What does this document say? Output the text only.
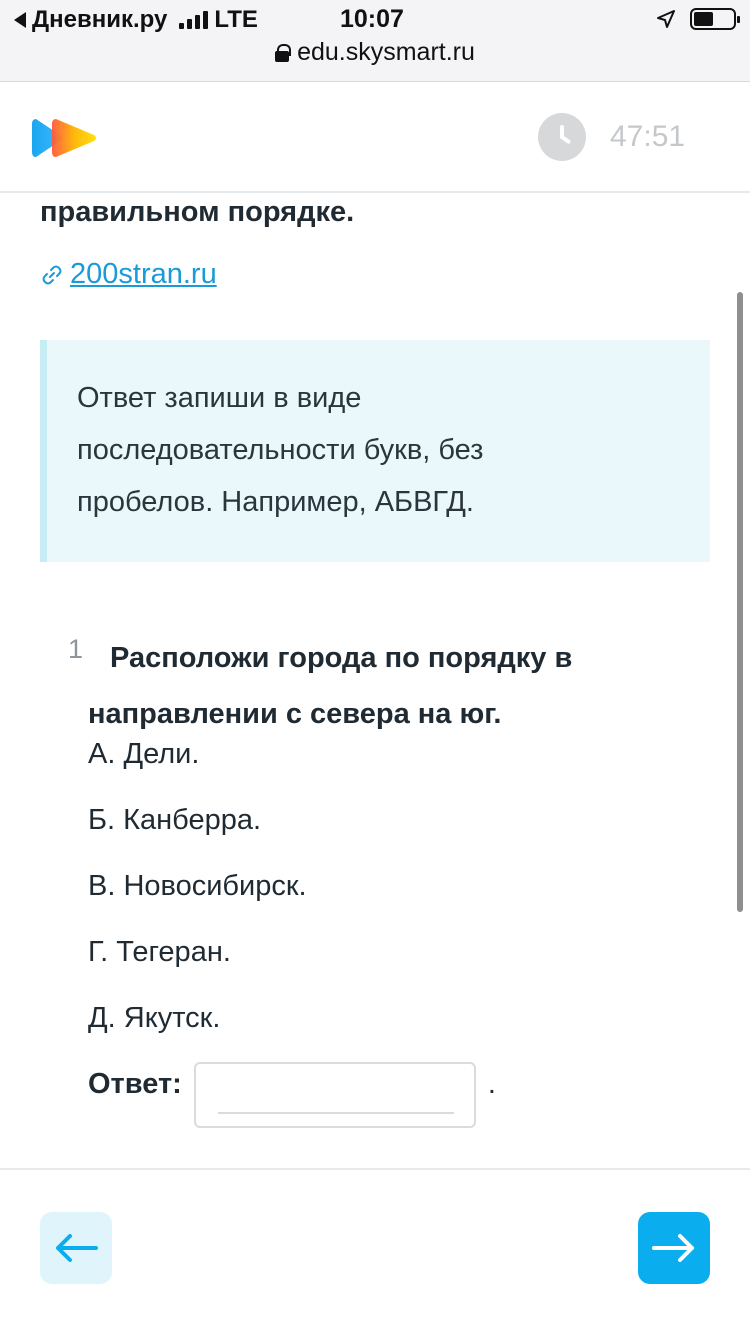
Дневник.ру LTE	10:07
edu.skysmart.ru
47:51
правильном порядке.
200stran.ru

Ответ запиши в виде

последовательности букв, без

пробелов. Например, АБВГД.

1 Расположи города по порядку в направлении с севера на юг.
А. Дели.
Б. Канберра.
В. Новосибирск.
Г. Тегеран.
Д. Якутск.
Ответ:	.
